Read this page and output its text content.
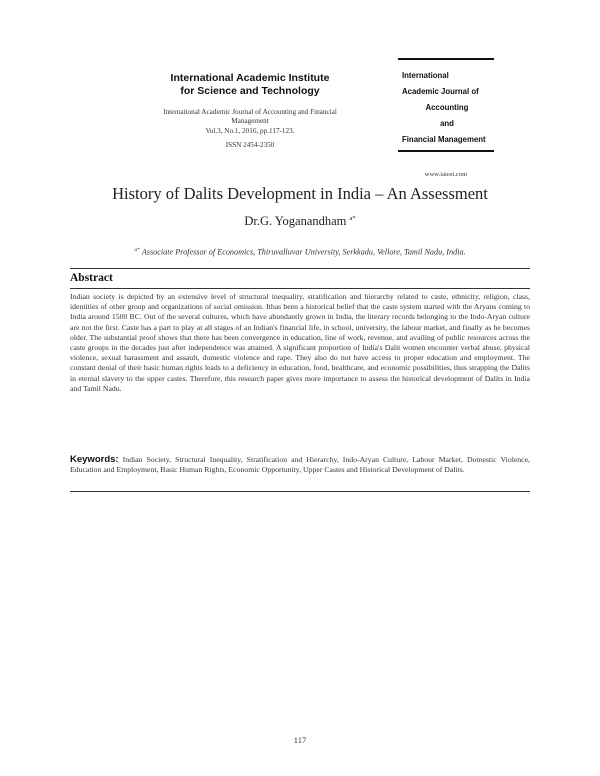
International Academic Institute
for Science and Technology
International Academic Journal of Accounting and Financial
Management
Vol.3, No.1, 2016, pp.117-123.
ISSN 2454-2350
International
Academic Journal of
Accounting
and
Financial Management
www.iaiest.com
History of Dalits Development in India – An Assessment
Dr.G. Yoganandham $^{a*}$
$^{a*}$ Associate Professor of Economics, Thiruvalluvar University, Serkkadu, Vellore, Tamil Nadu, India.
Abstract
Indian society is depicted by an extensive level of structural inequality, stratification and hierarchy related to caste, ethnicity, religion, class, identities of other group and organizations of social omission. Ithas been a historical belief that the caste system started with the Aryans coming to India around 1500 BC. Out of the several cultures, which have abundantly grown in India, the literary records belonging to the Indo-Aryan culture are not the first. Caste has a part to play at all stages of an Indian's financial life, in school, university, the labour market, and finally as he becomes older. The substantial proof shows that there has been convergence in education, line of work, revenue, and availing of public resources across the caste groups in the decades just after independence was attained. A significant proportion of India's Dalit women encounter verbal abuse, physical violence, sexual harassment and assault, domestic violence and rape. They also do not have access to proper education and employment. The constant denial of their basic human rights leads to a deficiency in education, food, healthcare, and economic possibilities, thus strapping the Dalits in eternal slavery to the upper castes. Therefore, this research paper gives more importance to assess the historical development of Dalits in India and Tamil Nadu.
Keywords: Indian Society, Structural Inequality, Stratification and Hierarchy, Indo-Aryan Culture, Labour Market, Domestic Violence, Education and Employment, Basic Human Rights, Economic Opportunity, Upper Castes and Historical Development of Dalits.
117
